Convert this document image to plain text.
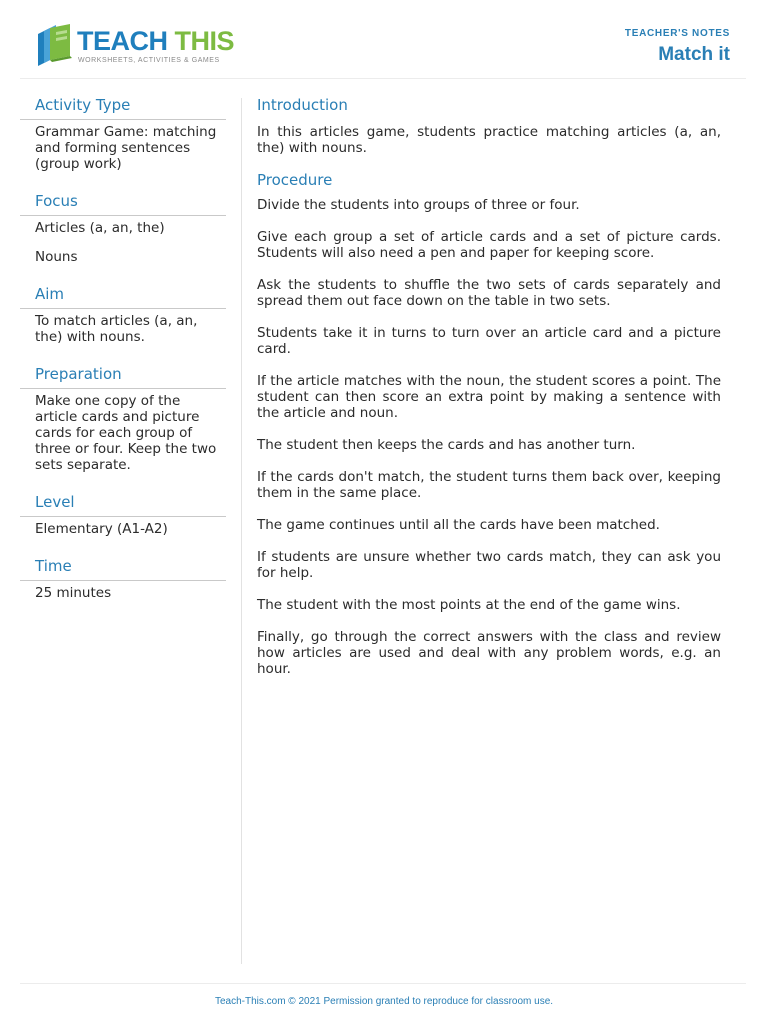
TEACH THIS
WORKSHEETS, ACTIVITIES & GAMES
TEACHER'S NOTES
Match it
Activity Type
Grammar Game: matching and forming sentences (group work)
Focus
Articles (a, an, the)
Nouns
Aim
To match articles (a, an, the) with nouns.
Preparation
Make one copy of the article cards and picture cards for each group of three or four. Keep the two sets separate.
Level
Elementary (A1-A2)
Time
25 minutes
Introduction

In this articles game, students practice matching articles (a, an, the) with nouns.

Procedure

Divide the students into groups of three or four.

Give each group a set of article cards and a set of picture cards. Students will also need a pen and paper for keeping score.

Ask the students to shuffle the two sets of cards separately and spread them out face down on the table in two sets.

Students take it in turns to turn over an article card and a picture card.

If the article matches with the noun, the student scores a point. The student can then score an extra point by making a sentence with the article and noun.

The student then keeps the cards and has another turn.

If the cards don't match, the student turns them back over, keeping them in the same place.

The game continues until all the cards have been matched.

If students are unsure whether two cards match, they can ask you for help.

The student with the most points at the end of the game wins.

Finally, go through the correct answers with the class and review how articles are used and deal with any problem words, e.g. an hour.

Teach-This.com © 2021 Permission granted to reproduce for classroom use.
